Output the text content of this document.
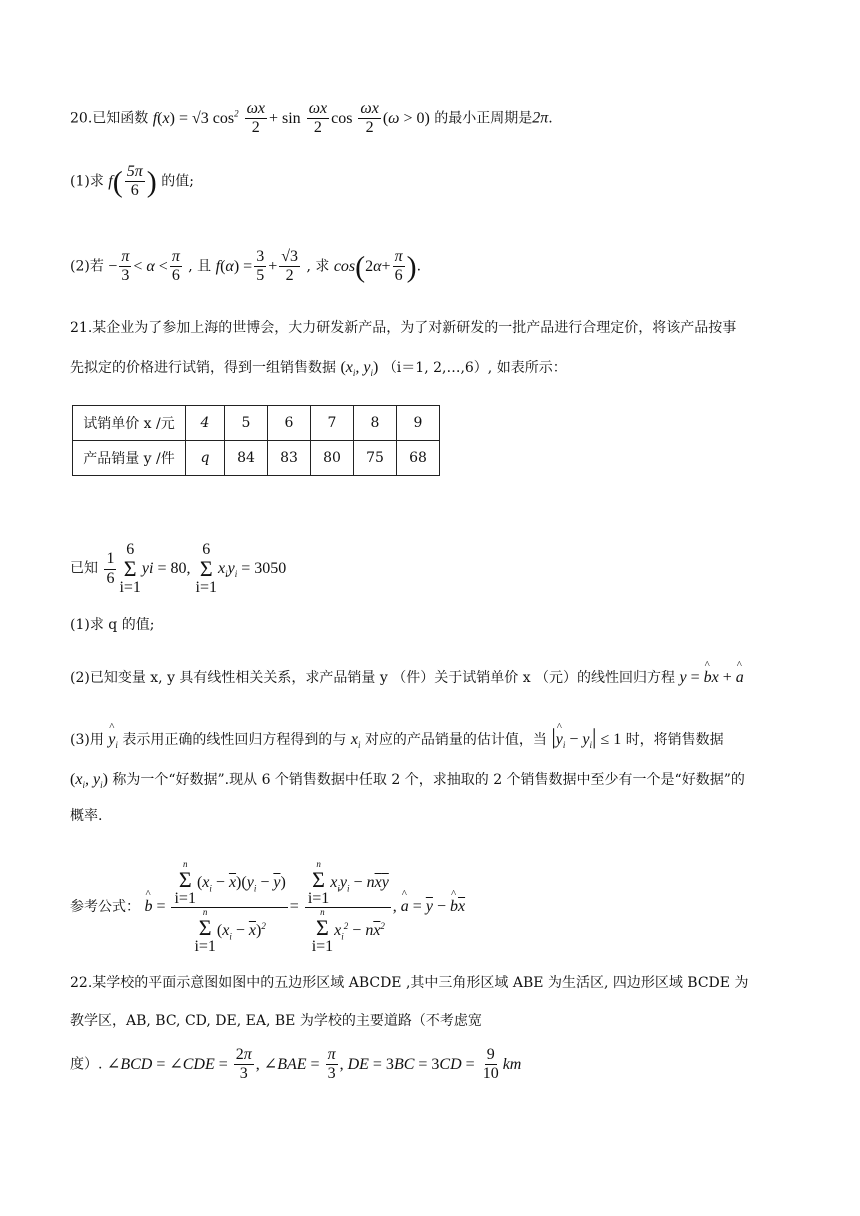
20.已知函数 f(x) = √3 $\cos^2 \frac{\omega x}{2} + \sin \frac{\omega x}{2}$ $\cos \frac{\omega x}{2} (\omega > 0)$ 的最小正周期是2π.
(1)求 $f( \frac{5\pi}{6}$ ) 的值;
(2)若 − $\frac{\pi}{3} < \alpha < \frac{\pi}{6}$ , 且 $f(\alpha) = \frac{3}{5} + \frac{√3}{2}$ , 求 $\cos(2\alpha+ \frac{\pi}{6}$ ).
21.某企业为了参加上海的世博会，大力研发新产品，为了对新研发的一批产品进行合理定价，将该产品按事
先拟定的价格进行试销，得到一组销售数据 ($x_i$, $y_i$) （i＝1, 2,…,6）, 如表所示：
试销单价 x /元	4	5	6	7	8	9
产品销量 y /件	q	84	83	80	75	68
已知 $\frac{1}{6}$
6
Σ
i=1
yi = 80,
6
Σ
i=1
$x_iy_i = 3050$
(1)求 q 的值;
(2)已知变量 x, y 具有线性相关关系，求产品销量 y （件）关于试销单价 x （元）的线性回归方程 y = ^ bx + ^ a
(3)用 ^ $y_i$ 表示用正确的线性回归方程得到的与 $x_i$ 对应的产品销量的估计值，当 |^ $y_i - y_i| \le 1$ 时，将销售数据
($x_i$, $y_i$) 称为一个“好数据”.现从 6 个销售数据中任取 2 个，求抽取的 2 个销售数据中至少有一个是“好数据”的
概率.
参考公式： ^ b = n
Σ
i=1
$(x_i - \overline{x})(y_i - \overline{y})$
n
Σ
i=1
$(x_i - \overline{x})^2 = n$
Σ
i=1
$x_iy_i - n\overline{x}\overline{y}$
n
Σ
i=1
$x_i^2 - n\overline{x}^2$ , ^ $a = \overline{y}$ − ^ $b\overline{x}$
22.某学校的平面示意图如图中的五边形区域 ABCDE ,其中三角形区域 ABE 为生活区, 四边形区域 BCDE 为
教学区，AB, BC, CD, DE, EA, BE 为学校的主要道路（不考虑宽
度）. ∠BCD = ∠CDE = $\frac{2\pi}{3}$ , ∠BAE = $\frac{\pi}{3}$ , DE = $3BC = 3CD = \frac{9}{10}$ km
